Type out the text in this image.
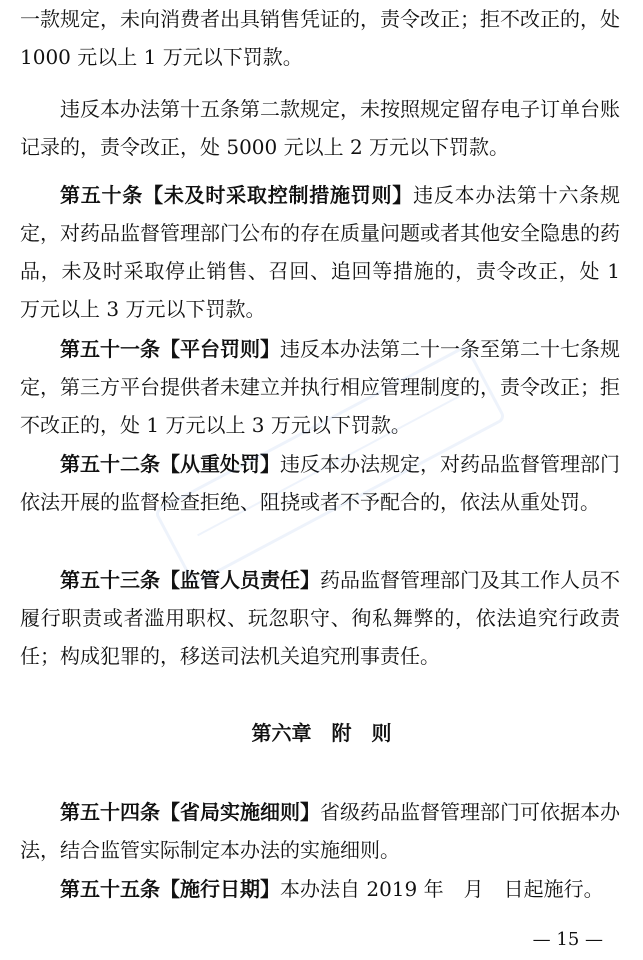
一款规定，未向消费者出具销售凭证的，责令改正；拒不改正的，处 1000 元以上 1 万元以下罚款。

违反本办法第十五条第二款规定，未按照规定留存电子订单台账记录的，责令改正，处 5000 元以上 2 万元以下罚款。

第五十条【未及时采取控制措施罚则】违反本办法第十六条规定，对药品监督管理部门公布的存在质量问题或者其他安全隐患的药品，未及时采取停止销售、召回、追回等措施的，责令改正，处 1 万元以上 3 万元以下罚款。

第五十一条【平台罚则】违反本办法第二十一条至第二十七条规定，第三方平台提供者未建立并执行相应管理制度的，责令改正；拒不改正的，处 1 万元以上 3 万元以下罚款。

第五十二条【从重处罚】违反本办法规定，对药品监督管理部门依法开展的监督检查拒绝、阻挠或者不予配合的，依法从重处罚。

第五十三条【监管人员责任】药品监督管理部门及其工作人员不履行职责或者滥用职权、玩忽职守、徇私舞弊的，依法追究行政责任；构成犯罪的，移送司法机关追究刑事责任。

第六章　附　则

第五十四条【省局实施细则】省级药品监督管理部门可依据本办法，结合监管实际制定本办法的实施细则。

第五十五条【施行日期】本办法自 2019 年　月　日起施行。

— 15 —
